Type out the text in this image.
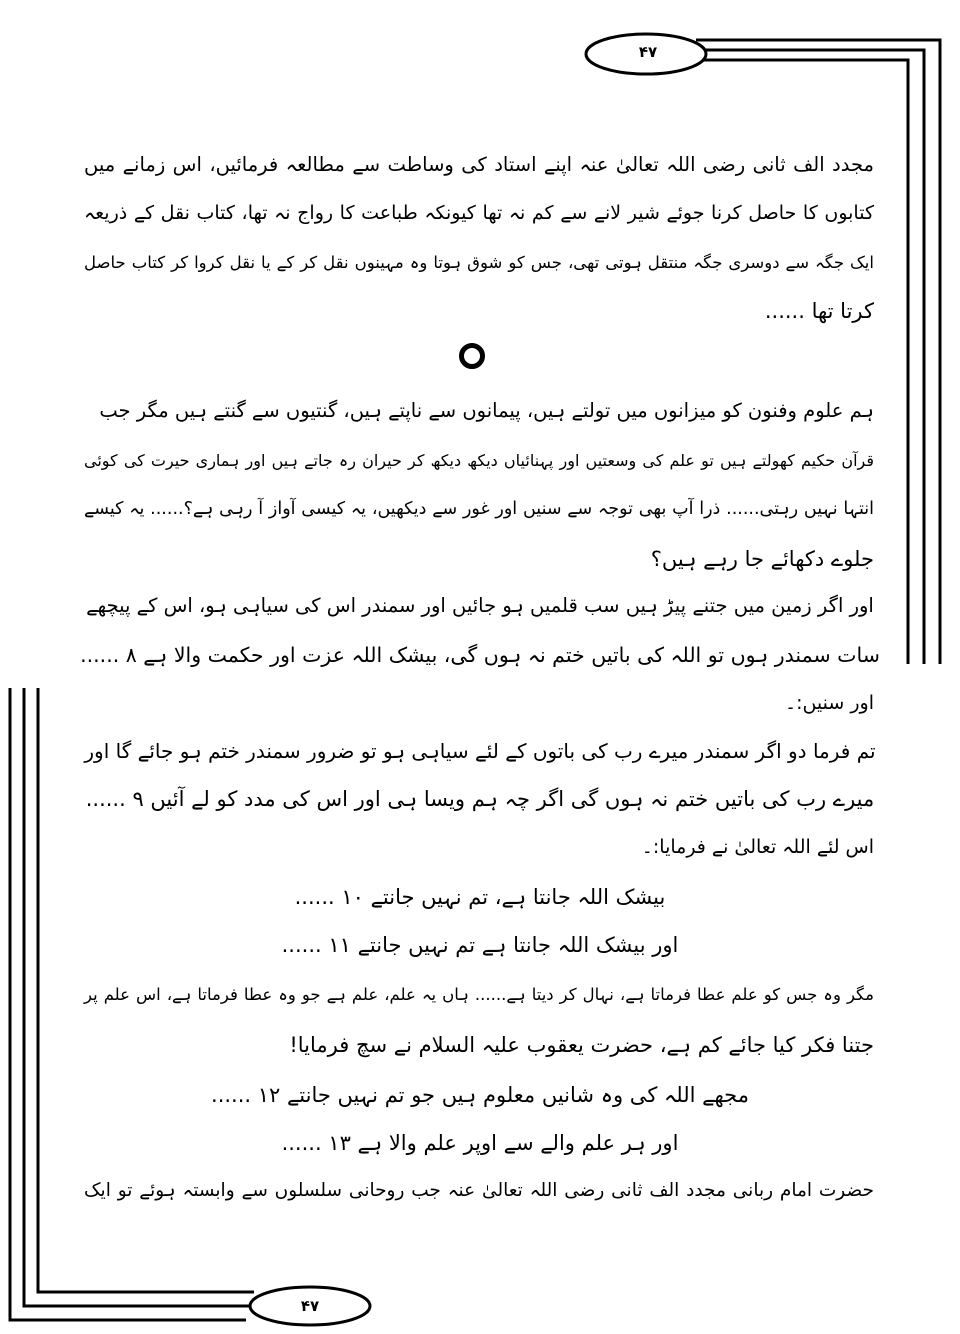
۴۷
۴۷
مجدد الف ثانی رضی اللہ تعالیٰ عنہ اپنے استاد کی وساطت سے مطالعہ فرمائیں، اس زمانے میں
کتابوں کا حاصل کرنا جوئے شیر لانے سے کم نہ تھا کیونکہ طباعت کا رواج نہ تھا، کتاب نقل کے ذریعہ
ایک جگہ سے دوسری جگہ منتقل ہوتی تھی، جس کو شوق ہوتا وہ مہینوں نقل کر کے یا نقل کروا کر کتاب حاصل
کرتا تھا ......
ہم علوم وفنون کو میزانوں میں تولتے ہیں، پیمانوں سے ناپتے ہیں، گنتیوں سے گنتے ہیں مگر جب
قرآن حکیم کھولتے ہیں تو علم کی وسعتیں اور پہنائیاں دیکھ دیکھ کر حیران رہ جاتے ہیں اور ہماری حیرت کی کوئی
انتہا نہیں رہتی...... ذرا آپ بھی توجہ سے سنیں اور غور سے دیکھیں، یہ کیسی آواز آ رہی ہے؟...... یہ کیسے
جلوے دکھائے جا رہے ہیں؟
اور اگر زمین میں جتنے پیڑ ہیں سب قلمیں ہو جائیں اور سمندر اس کی سیاہی ہو، اس کے پیچھے
سات سمندر ہوں تو اللہ کی باتیں ختم نہ ہوں گی، بیشک اللہ عزت اور حکمت والا ہے ۸ ......
اور سنیں:۔
تم فرما دو اگر سمندر میرے رب کی باتوں کے لئے سیاہی ہو تو ضرور سمندر ختم ہو جائے گا اور
میرے رب کی باتیں ختم نہ ہوں گی اگر چہ ہم ویسا ہی اور اس کی مدد کو لے آئیں ۹ ......
اس لئے اللہ تعالیٰ نے فرمایا:۔
بیشک اللہ جانتا ہے، تم نہیں جانتے ۱۰ ......
اور بیشک اللہ جانتا ہے تم نہیں جانتے ۱۱ ......
مگر وہ جس کو علم عطا فرماتا ہے، نہال کر دیتا ہے...... ہاں یہ علم، علم ہے جو وہ عطا فرماتا ہے، اس علم پر
جتنا فکر کیا جائے کم ہے، حضرت یعقوب علیہ السلام نے سچ فرمایا!
مجھے اللہ کی وہ شانیں معلوم ہیں جو تم نہیں جانتے ۱۲ ......
اور ہر علم والے سے اوپر علم والا ہے ۱۳ ......
حضرت امام ربانی مجدد الف ثانی رضی اللہ تعالیٰ عنہ جب روحانی سلسلوں سے وابستہ ہوئے تو ایک
